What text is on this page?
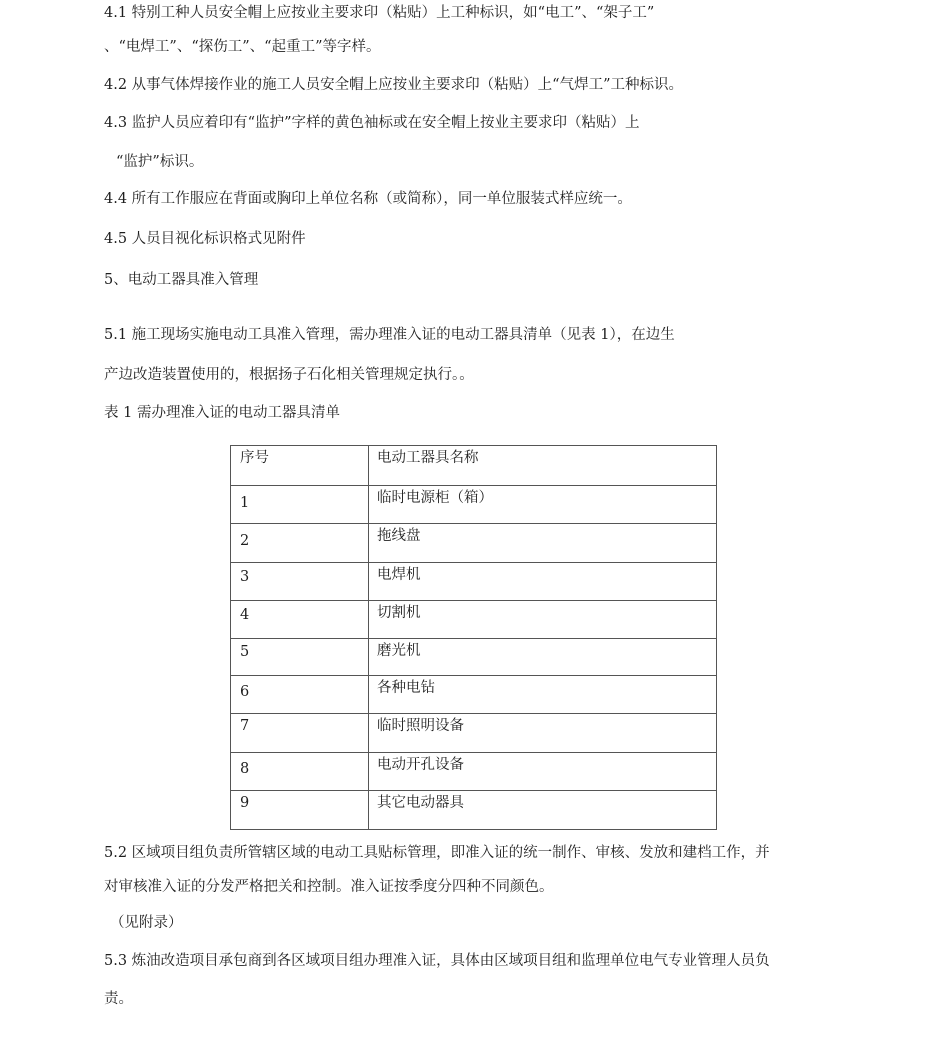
4.1 特别工种人员安全帽上应按业主要求印（粘贴）上工种标识，如“电工”、“架子工”
、“电焊工”、“探伤工”、“起重工”等字样。
4.2 从事气体焊接作业的施工人员安全帽上应按业主要求印（粘贴）上“气焊工”工种标识。
4.3 监护人员应着印有“监护”字样的黄色袖标或在安全帽上按业主要求印（粘贴）上
“监护”标识。
4.4 所有工作服应在背面或胸印上单位名称（或简称），同一单位服装式样应统一。
4.5 人员目视化标识格式见附件
5、电动工器具准入管理
5.1 施工现场实施电动工具准入管理，需办理准入证的电动工器具清单（见表 1），在边生
产边改造装置使用的，根据扬子石化相关管理规定执行。。
表 1 需办理准入证的电动工器具清单
序号	电动工器具名称

1	临时电源柜（箱）

2	拖线盘

3	电焊机

4	切割机

5	磨光机

6	各种电钻

7	临时照明设备

8	电动开孔设备

9	其它电动器具
5.2 区域项目组负责所管辖区域的电动工具贴标管理，即准入证的统一制作、审核、发放和建档工作，并
对审核准入证的分发严格把关和控制。准入证按季度分四种不同颜色。
（见附录）
5.3 炼油改造项目承包商到各区域项目组办理准入证，具体由区域项目组和监理单位电气专业管理人员负
责。
